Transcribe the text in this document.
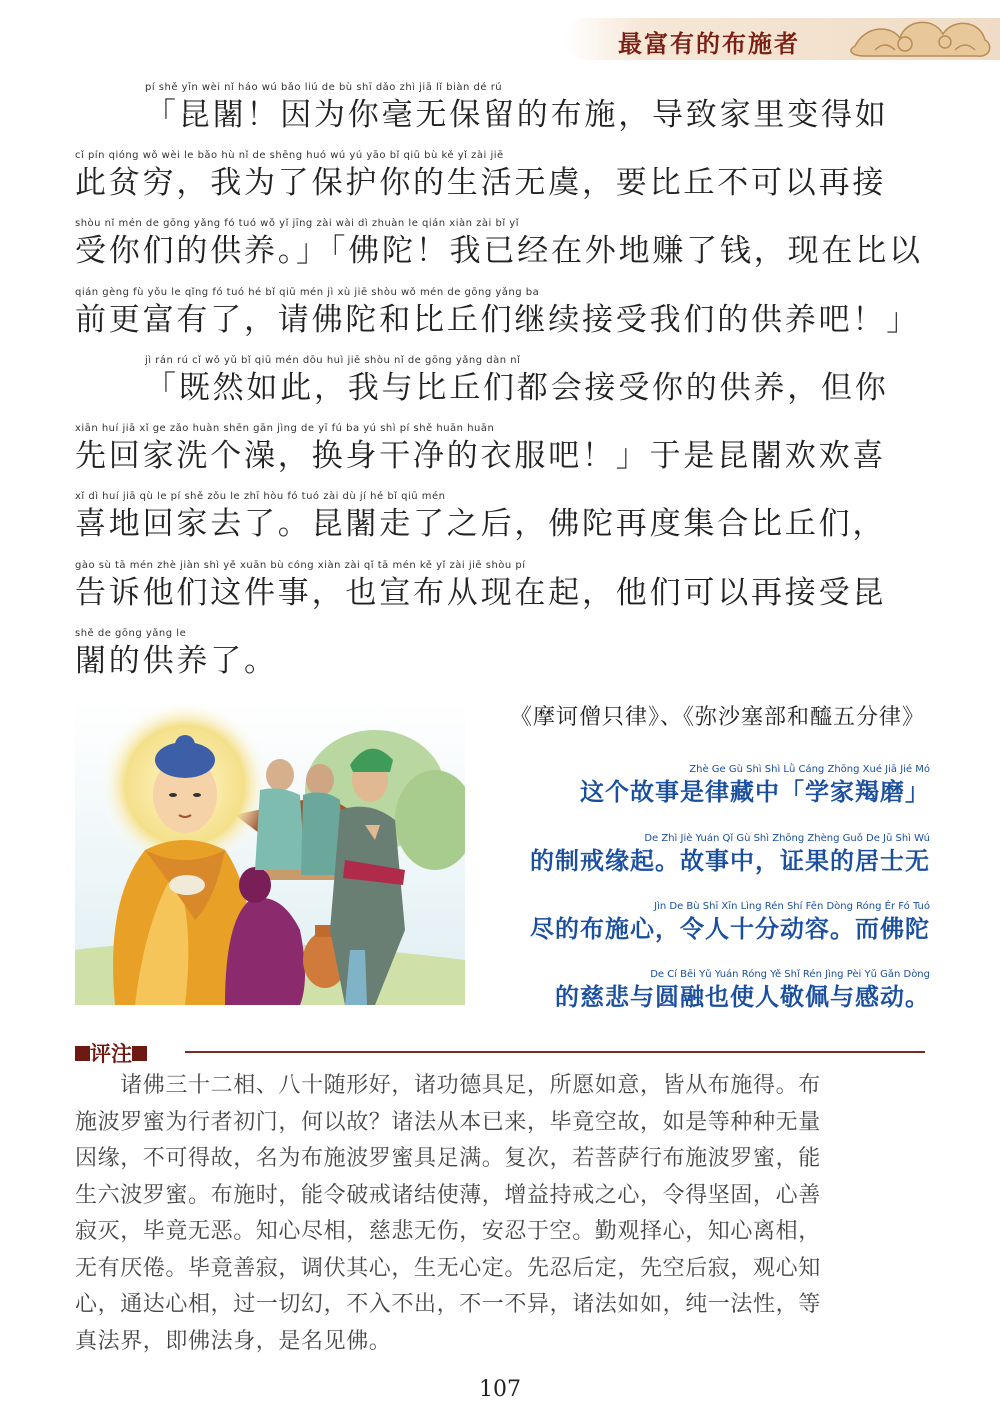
最富有的布施者
pí shě yīn wèi nǐ háo wú bǎo liú de bù shī dǎo zhì jiā lǐ biàn dé rú
「昆闍！因为你毫无保留的布施，导致家里变得如
cǐ pín qióng wǒ wèi le bǎo hù nǐ de shēng huó wú yú yāo bǐ qiū bù kě yǐ zài jiē
此贫穷，我为了保护你的生活无虞，要比丘不可以再接
shòu nǐ mén de gōng yǎng fó tuó wǒ yǐ jīng zài wài dì zhuàn le qián xiàn zài bǐ yǐ
受你们的供养。」「佛陀！我已经在外地赚了钱，现在比以
qián gèng fù yǒu le qǐng fó tuó hé bǐ qiū mén jì xù jiē shòu wǒ mén de gōng yǎng ba
前更富有了，请佛陀和比丘们继续接受我们的供养吧！」
jì rán rú cǐ wǒ yǔ bǐ qiū mén dōu huì jiē shòu nǐ de gōng yǎng dàn nǐ
「既然如此，我与比丘们都会接受你的供养，但你
xiān huí jiā xǐ ge zǎo huàn shēn gān jìng de yī fú ba yú shì pí shě huān huān
先回家洗个澡，换身干净的衣服吧！」于是昆闍欢欢喜
xǐ dì huí jiā qù le pí shě zǒu le zhī hòu fó tuó zài dù jí hé bǐ qiū mén
喜地回家去了。昆闍走了之后，佛陀再度集合比丘们，
gào sù tā mén zhè jiàn shì yě xuān bù cóng xiàn zài qǐ tā mén kě yǐ zài jiē shòu pí
告诉他们这件事，也宣布从现在起，他们可以再接受昆
shě de gōng yǎng le
闍的供养了。
《摩诃僧只律》、《弥沙塞部和醯五分律》
Zhè Ge Gù Shì Shì Lǜ Cáng Zhōng Xué Jiā Jié Mó
这个故事是律藏中「学家羯磨」
De Zhì Jiè Yuán Qǐ Gù Shì Zhōng Zhèng Guǒ De Jū Shì Wú
的制戒缘起。故事中，证果的居士无
Jìn De Bù Shī Xīn Lìng Rén Shí Fēn Dòng Róng Ér Fó Tuó
尽的布施心，令人十分动容。而佛陀
De Cí Bēi Yǔ Yuán Róng Yě Shǐ Rén Jìng Pèi Yǔ Gǎn Dòng
的慈悲与圆融也使人敬佩与感动。
评注
　　诸佛三十二相、八十随形好，诸功德具足，所愿如意，皆从布施得。布
施波罗蜜为行者初门，何以故？诸法从本已来，毕竟空故，如是等种种无量
因缘，不可得故，名为布施波罗蜜具足满。复次，若菩萨行布施波罗蜜，能
生六波罗蜜。布施时，能令破戒诸结使薄，增益持戒之心，令得坚固，心善
寂灭，毕竟无恶。知心尽相，慈悲无伤，安忍于空。勤观择心，知心离相，
无有厌倦。毕竟善寂，调伏其心，生无心定。先忍后定，先空后寂，观心知
心，通达心相，过一切幻，不入不出，不一不异，诸法如如，纯一法性，等
真法界，即佛法身，是名见佛。
107
